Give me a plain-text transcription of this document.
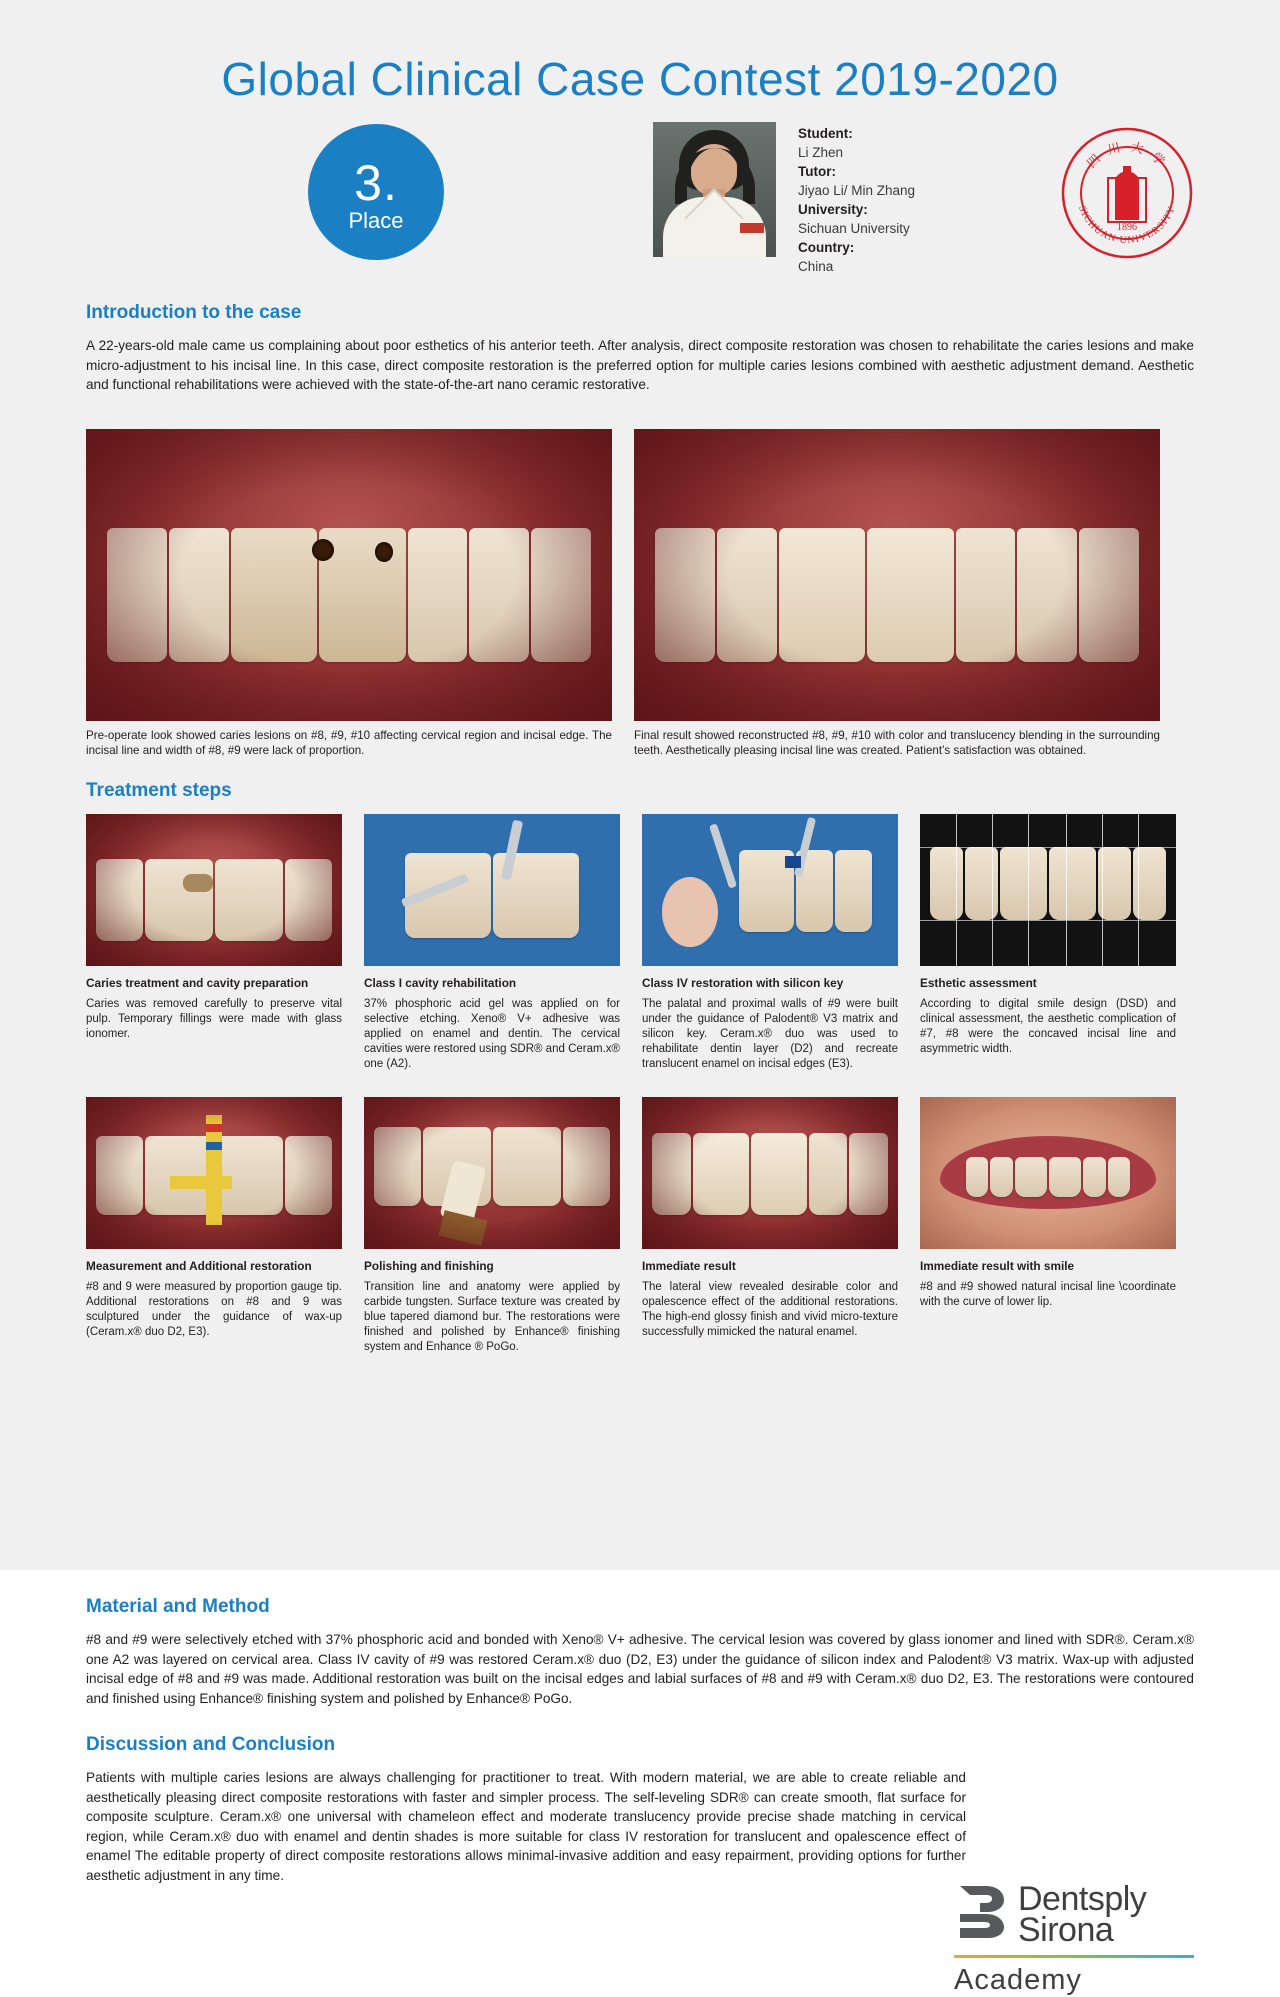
Global Clinical Case Contest 2019-2020
3.
Place
Student:
Li Zhen
Tutor:
Jiyao Li/ Min Zhang
University:
Sichuan University
Country:
China
1896
四 川 大 学
SICHUAN UNIVERSITY
Introduction to the case

A 22-years-old male came us complaining about poor esthetics of his anterior teeth. After analysis, direct composite restoration was chosen to rehabilitate the caries lesions and make micro-adjustment to his incisal line. In this case, direct composite restoration is the preferred option for multiple caries lesions combined with aesthetic adjustment demand. Aesthetic and functional rehabilitations were achieved with the state-of-the-art nano ceramic restorative.

Pre-operate look showed caries lesions on #8, #9, #10 affecting cervical region and incisal edge. The incisal line and width of #8, #9 were lack of proportion.
Final result showed reconstructed #8, #9, #10 with color and translucency blending in the surrounding teeth. Aesthetically pleasing incisal line was created. Patient’s satisfaction was obtained.
Treatment steps
Caries treatment and cavity preparation
Caries was removed carefully to preserve vital pulp. Temporary fillings were made with glass ionomer.
Class I cavity rehabilitation
37% phosphoric acid gel was applied on for selective etching. Xeno® V+ adhesive was applied on enamel and dentin. The cervical cavities were restored using SDR® and Ceram.x® one (A2).
Class IV restoration with silicon key
The palatal and proximal walls of #9 were built under the guidance of Palodent® V3 matrix and silicon key. Ceram.x® duo was used to rehabilitate dentin layer (D2) and recreate translucent enamel on incisal edges (E3).
Esthetic assessment
According to digital smile design (DSD) and clinical assessment, the aesthetic complication of #7, #8 were the concaved incisal line and asymmetric width.
Measurement and Additional restoration
#8 and 9 were measured by proportion gauge tip. Additional restorations on #8 and 9 was sculptured under the guidance of wax-up (Ceram.x® duo D2, E3).
Polishing and finishing
Transition line and anatomy were applied by carbide tungsten. Surface texture was created by blue tapered diamond bur. The restorations were finished and polished by Enhance® finishing system and Enhance ® PoGo.
Immediate result
The lateral view revealed desirable color and opalescence effect of the additional restorations. The high-end glossy finish and vivid micro-texture successfully mimicked the natural enamel.
Immediate result with smile
#8 and #9 showed natural incisal line \coordinate with the curve of lower lip.
Material and Method

#8 and #9 were selectively etched with 37% phosphoric acid and bonded with Xeno® V+ adhesive. The cervical lesion was covered by glass ionomer and lined with SDR®. Ceram.x® one A2 was layered on cervical area. Class IV cavity of #9 was restored Ceram.x® duo (D2, E3) under the guidance of silicon index and Palodent® V3 matrix. Wax-up with adjusted incisal edge of #8 and #9 was made. Additional restoration was built on the incisal edges and labial surfaces of #8 and #9 with Ceram.x® duo D2, E3. The restorations were contoured and finished using Enhance® finishing system and polished by Enhance® PoGo.

Discussion and Conclusion

Patients with multiple caries lesions are always challenging for practitioner to treat. With modern material, we are able to create reliable and aesthetically pleasing direct composite restorations with faster and simpler process. The self-leveling SDR® can create smooth, flat surface for composite sculpture. Ceram.x® one universal with chameleon effect and moderate translucency provide precise shade matching in cervical region, while Ceram.x® duo with enamel and dentin shades is more suitable for class IV restoration for translucent and opalescence effect of enamel The editable property of direct composite restorations allows minimal-invasive addition and easy repairment, providing options for further aesthetic adjustment in any time.

Dentsply
Sirona
Academy
